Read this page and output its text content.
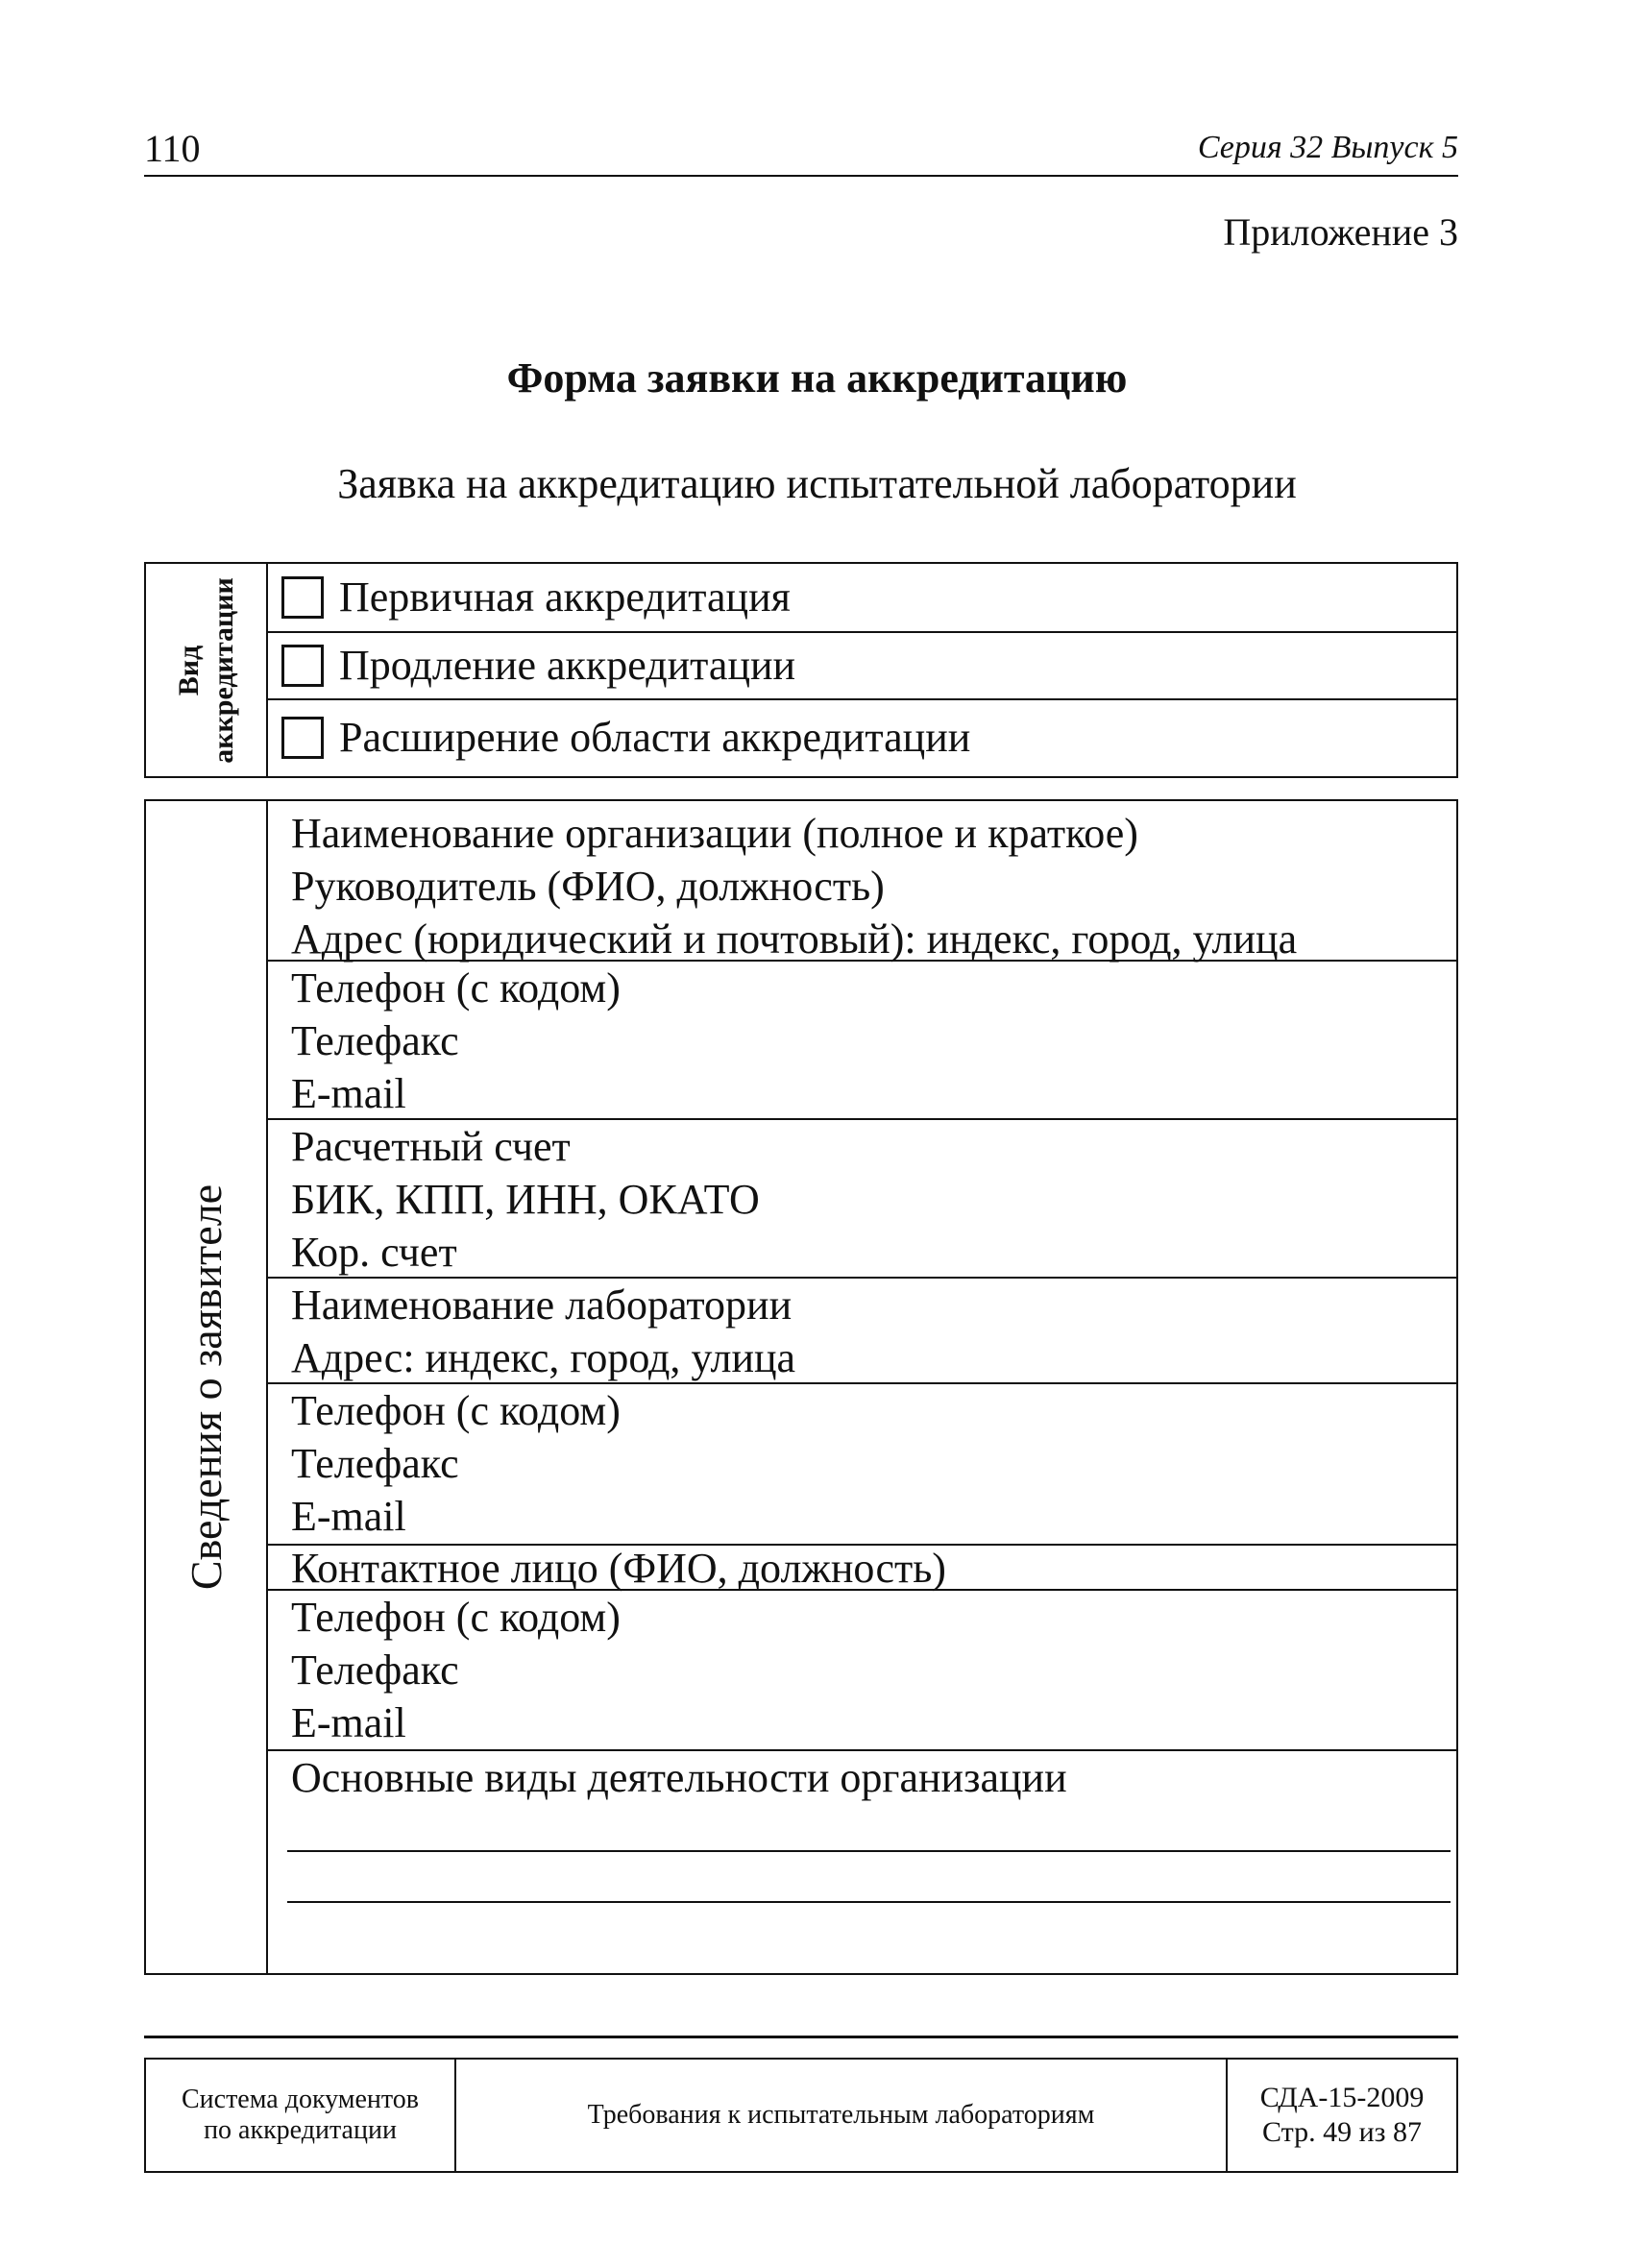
110	Серия 32 Выпуск 5
Приложение 3
Форма заявки на аккредитацию
Заявка на аккредитацию испытательной лаборатории
Вид аккредитации Первичная аккредитация
Продление аккредитации
Расширение области аккредитации
Сведения о заявителе
Наименование организации (полное и краткое)
Руководитель (ФИО, должность)
Адрес (юридический и почтовый): индекс, город, улица
Телефон (с кодом)
Телефакс
E-mail
Расчетный счет
БИК, КПП, ИНН, ОКАТО
Кор. счет
Наименование лаборатории
Адрес: индекс, город, улица
Телефон (с кодом)
Телефакс
E-mail
Контактное лицо (ФИО, должность)
Телефон (с кодом)
Телефакс
E-mail
Основные виды деятельности организации
Система документов
по аккредитации
Требования к испытательным лабораториям
СДА-15-2009
Стр. 49 из 87
